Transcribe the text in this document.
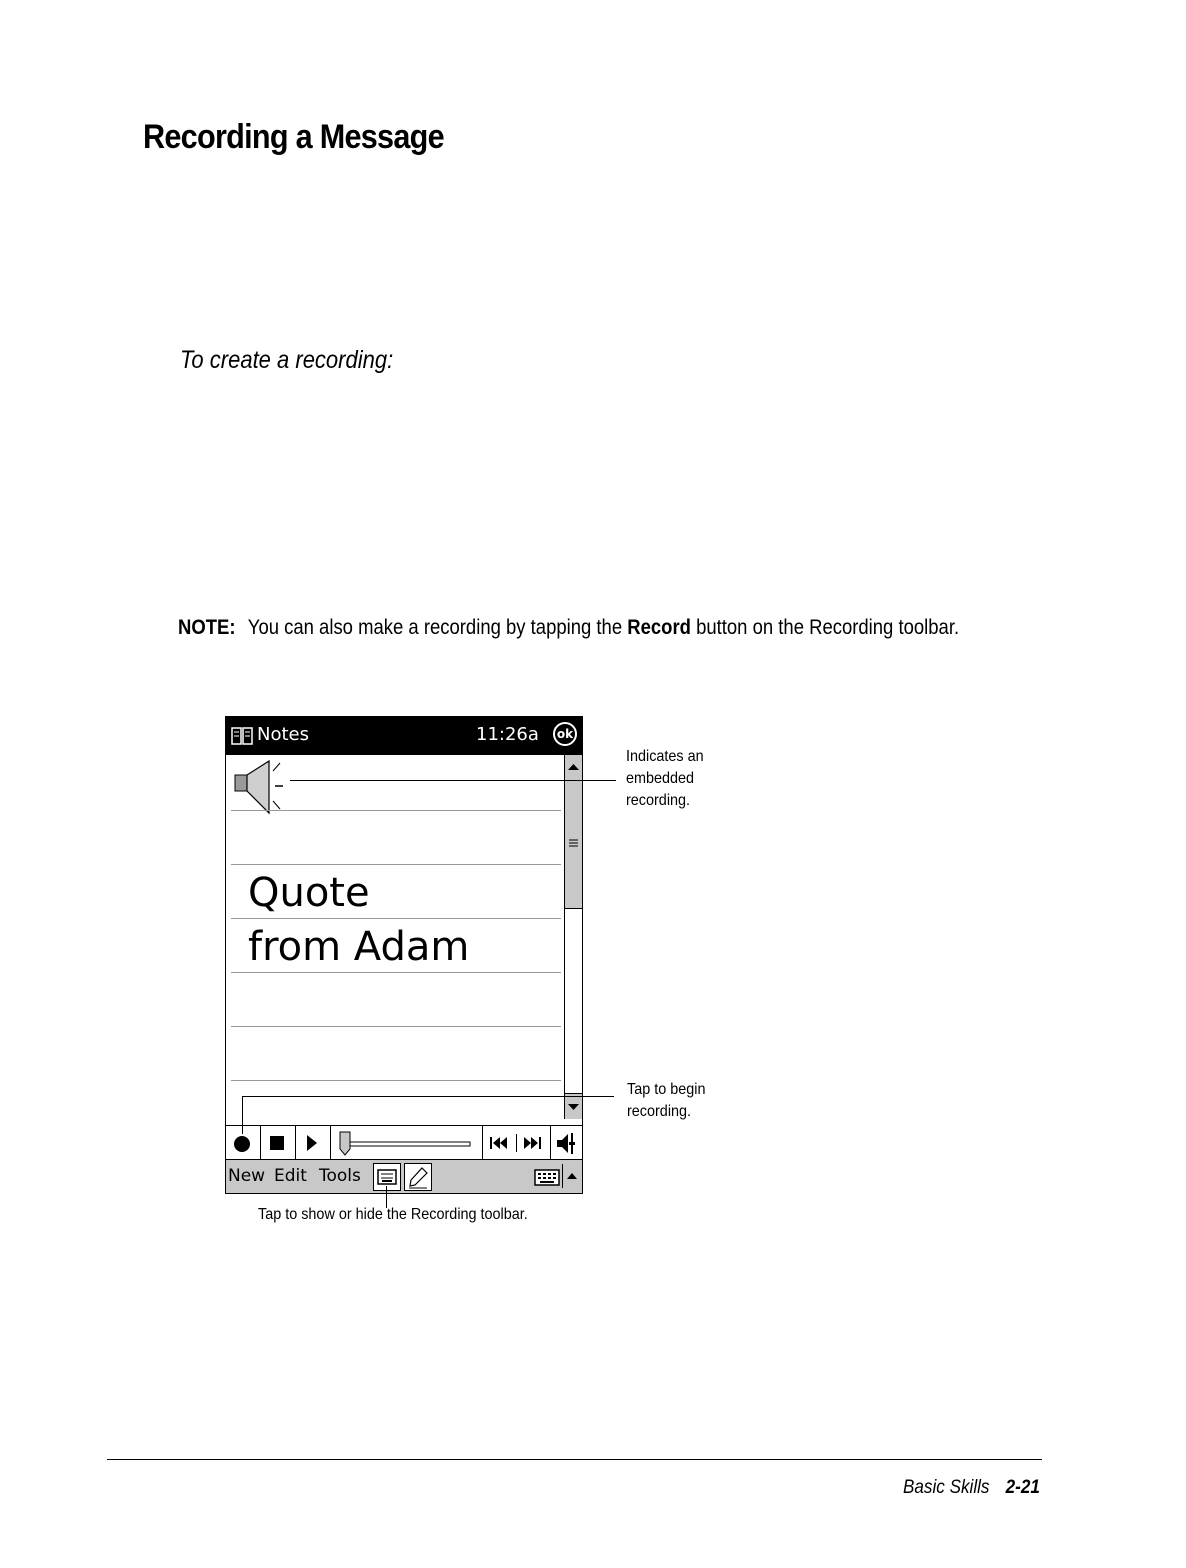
Recording a Message
To create a recording:
NOTE: You can also make a recording by tapping the Record button on the Recording toolbar.
Notes	11:26a	ok
Quote
from Adam
New Edit Tools
Indicates an
embedded
recording.
Tap to begin
recording.
Tap to show or hide the Recording toolbar.
Basic Skills 2-21
